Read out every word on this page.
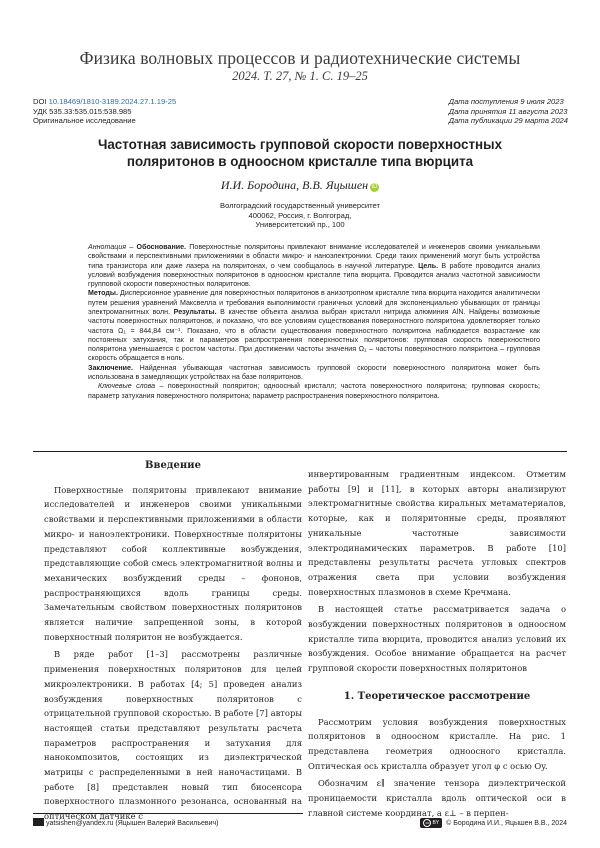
Физика волновых процессов и радиотехнические системы
2024. Т. 27, № 1. С. 19–25
DOI 10.18469/1810-3189.2024.27.1.19-25
УДК 535.33:535.015:538.985
Оригинальное исследование
Дата поступления 9 июля 2023
Дата принятия 11 августа 2023
Дата публикации 29 марта 2024
Частотная зависимость групповой скорости поверхностных поляритонов в одноосном кристалле типа вюрцита
И.И. Бородина, В.В. Яцышен iD
Волгоградский государственный университет
400062, Россия, г. Волгоград,
Университетский пр., 100
Аннотация – Обоснование. Поверхностные поляритоны привлекают внимание исследователей и инженеров своими уникальными свойствами и перспективными приложениями в области микро- и наноэлектроники. Среди таких применений могут быть устройства типа транзистора или даже лазера на поляритонах, о чем сообщалось в научной литературе. Цель. В работе проводится анализ условий возбуждения поверхностных поляритонов в одноосном кристалле типа вюрцита. Проводится анализ частотной зависимости групповой скорости поверхностных поляритонов.
Методы. Дисперсионное уравнение для поверхностных поляритонов в анизотропном кристалле типа вюрцита находится аналитически путем решения уравнений Максвелла и требования выполнимости граничных условий для экспоненциально убывающих от границы электромагнитных волн. Результаты. В качестве объекта анализа выбран кристалл нитрида алюминия AlN. Найдены возможные частоты поверхностных поляритонов, и показано, что все условиям существования поверхностного поляритона удовлетворяет только частота Ω₁ = 844,84 см⁻¹. Показано, что в области существования поверхностного поляритона наблюдается возрастание как постоянных затухания, так и параметров распространения поверхностных поляритонов: групповая скорость поверхностного поляритона уменьшается с ростом частоты. При достижении частоты значения Ω₁ – частоты поверхностного поляритона – групповая скорость обращается в ноль.
Заключение. Найденная убывающая частотная зависимость групповой скорости поверхностного поляритона может быть использована в замедляющих устройствах на базе поляритонов.
Ключевые слова – поверхностный поляритон; одноосный кристалл; частота поверхностного поляритона; групповая скорость; параметр затухания поверхностного поляритона; параметр распространения поверхностного поляритона.

Введение

Поверхностные поляритоны привлекают внимание исследователей и инженеров своими уникальными свойствами и перспективными приложениями в области микро- и наноэлектроники. Поверхностные поляритоны представляют собой коллективные возбуждения, представляющие собой смесь электромагнитной волны и механических возбуждений среды – фононов, распространяющихся вдоль границы среды. Замечательным свойством поверхностных поляритонов является наличие запрещенной зоны, в которой поверхностный поляритон не возбуждается.

В ряде работ [1–3] рассмотрены различные применения поверхностных поляритонов для целей микроэлектроники. В работах [4; 5] проведен анализ возбуждения поверхностных поляритонов с отрицательной групповой скоростью. В работе [7] авторы настоящей статьи представляют результаты расчета параметров распространения и затухания для нанокомпозитов, состоящих из диэлектрической матрицы с распределенными в ней наночастицами. В работе [8] представлен новый тип биосенсора поверхностного плазмонного резонанса, основанный на оптическом датчике с

инвертированным градиентным индексом. Отметим работы [9] и [11], в которых авторы анализируют электромагнитные свойства киральных метаматериалов, которые, как и поляритонные среды, проявляют уникальные частотные зависимости электродинамических параметров. В работе [10] представлены результаты расчета угловых спектров отражения света при условии возбуждения поверхностных плазмонов в схеме Кречмана.

В настоящей статье рассматривается задача о возбуждении поверхностных поляритонов в одноосном кристалле типа вюрцита, проводится анализ условий их возбуждения. Особое внимание обращается на расчет групповой скорости поверхностных поляритонов

1. Теоретическое рассмотрение

Рассмотрим условия возбуждения поверхностных поляритонов в одноосном кристалле. На рис. 1 представлена геометрия одноосного кристалла. Оптическая ось кристалла образует угол φ с осью Oy.

Обозначим ε∥ значение тензора диэлектрической проницаемости кристалла вдоль оптической оси в главной системе координат, а ε⊥ – в перпен-

yatsishen@yandex.ru (Яцышен Валерий Васильевич)	cc BY	© Бородина И.И., Яцышен В.В., 2024
